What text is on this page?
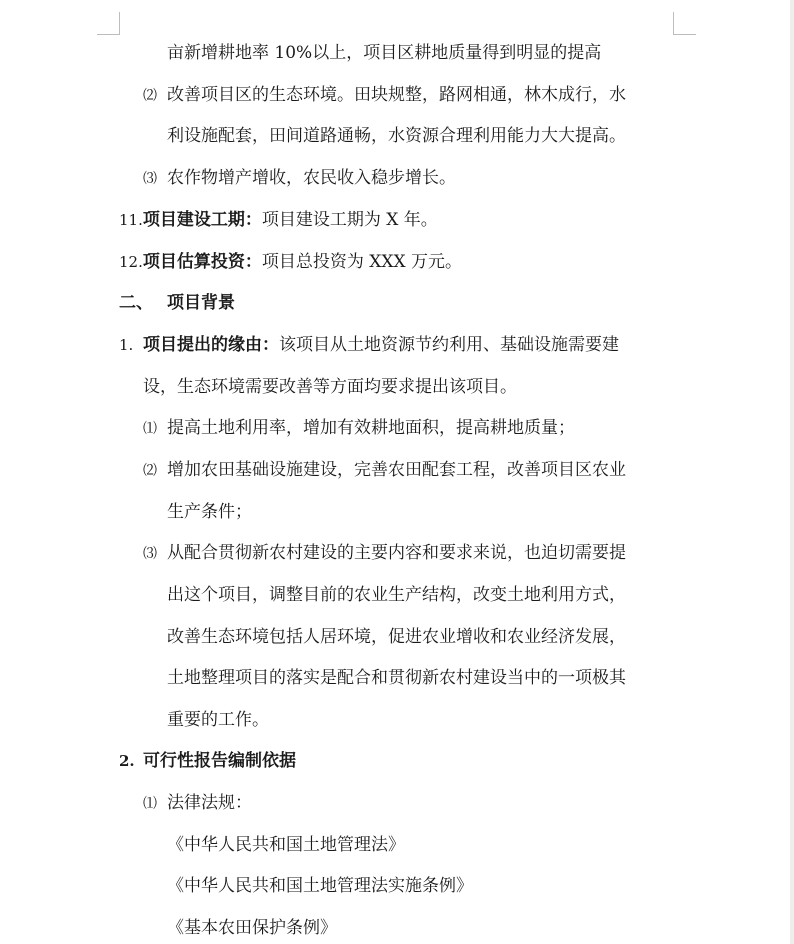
亩新增耕地率 10%以上，项目区耕地质量得到明显的提高
⑵ 改善项目区的生态环境。田块规整，路网相通，林木成行，水
利设施配套，田间道路通畅，水资源合理利用能力大大提高。
⑶ 农作物增产增收，农民收入稳步增长。
11.项目建设工期：项目建设工期为 X 年。
12.项目估算投资：项目总投资为 XXX 万元。
二、 项目背景
1. 项目提出的缘由：该项目从土地资源节约利用、基础设施需要建
设，生态环境需要改善等方面均要求提出该项目。
⑴ 提高土地利用率，增加有效耕地面积，提高耕地质量；
⑵ 增加农田基础设施建设，完善农田配套工程，改善项目区农业
生产条件；
⑶ 从配合贯彻新农村建设的主要内容和要求来说，也迫切需要提
出这个项目，调整目前的农业生产结构，改变土地利用方式，
改善生态环境包括人居环境，促进农业增收和农业经济发展，
土地整理项目的落实是配合和贯彻新农村建设当中的一项极其
重要的工作。
2. 可行性报告编制依据
⑴ 法律法规：
《中华人民共和国土地管理法》
《中华人民共和国土地管理法实施条例》
《基本农田保护条例》
